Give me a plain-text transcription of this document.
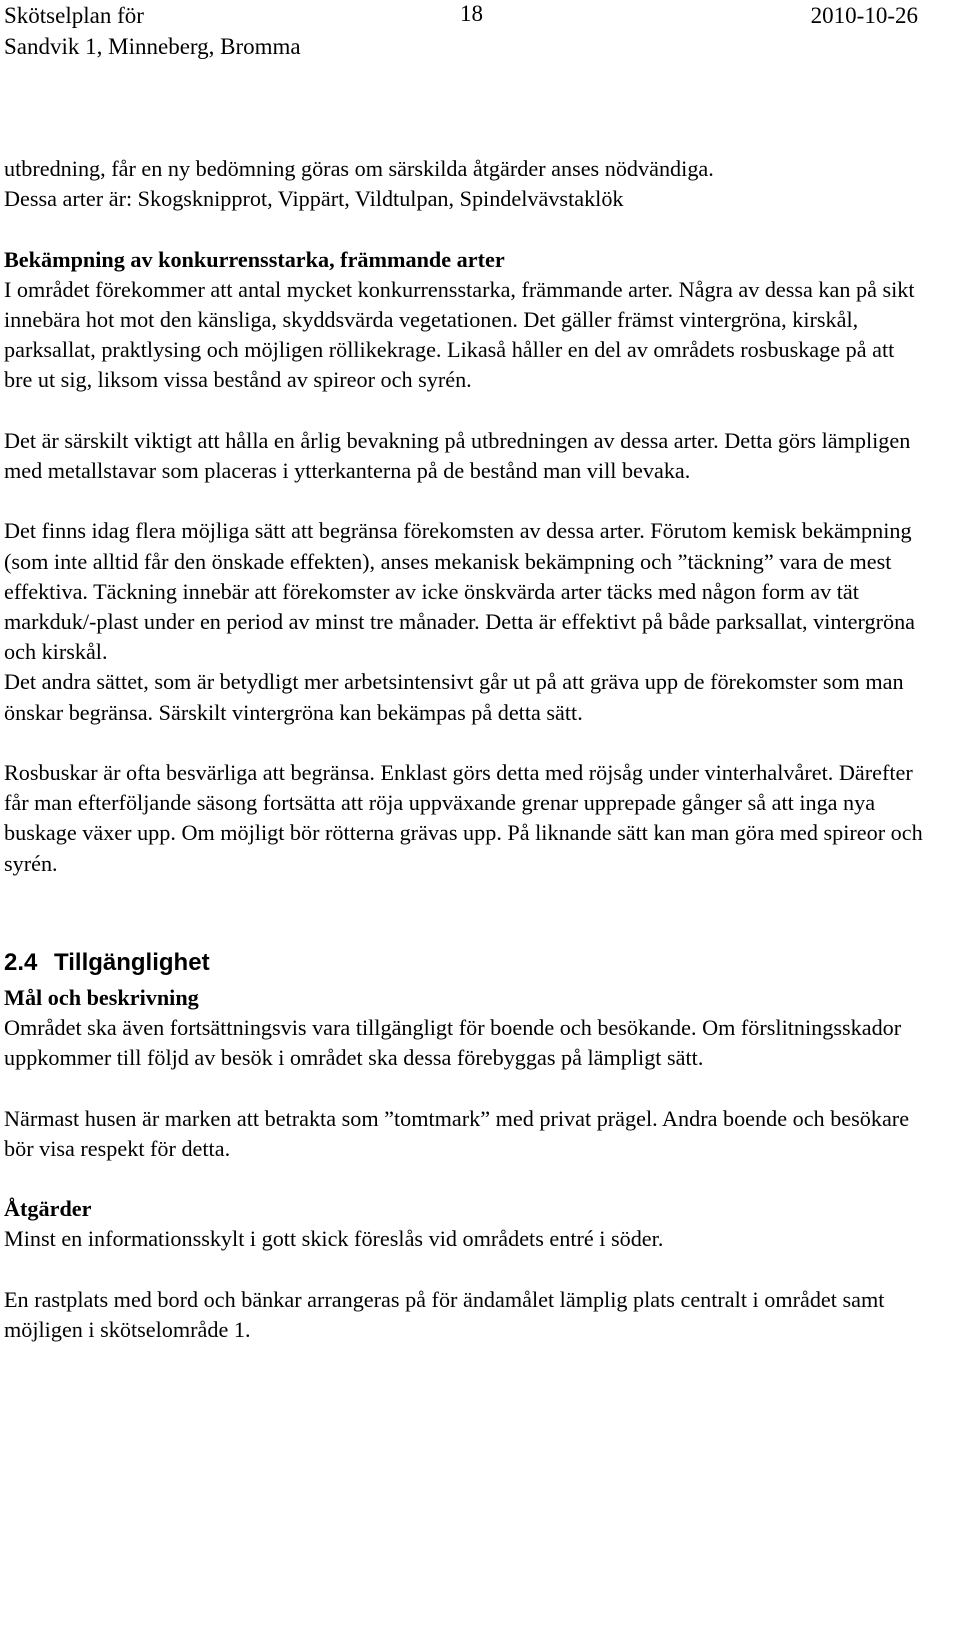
Skötselplan för
Sandvik 1, Minneberg, Bromma
18	2010-10-26

utbredning, får en ny bedömning göras om särskilda åtgärder anses nödvändiga.

Dessa arter är: Skogsknipprot, Vippärt, Vildtulpan, Spindelvävstaklök

Bekämpning av konkurrensstarka, främmande arter

I området förekommer att antal mycket konkurrensstarka, främmande arter. Några av dessa kan på sikt innebära hot mot den känsliga, skyddsvärda vegetationen. Det gäller främst vintergröna, kirskål, parksallat, praktlysing och möjligen röllikekrage. Likaså håller en del av områdets rosbuskage på att bre ut sig, liksom vissa bestånd av spireor och syrén.

Det är särskilt viktigt att hålla en årlig bevakning på utbredningen av dessa arter. Detta görs lämpligen med metallstavar som placeras i ytterkanterna på de bestånd man vill bevaka.

Det finns idag flera möjliga sätt att begränsa förekomsten av dessa arter. Förutom kemisk bekämpning (som inte alltid får den önskade effekten), anses mekanisk bekämpning och ”täckning” vara de mest effektiva. Täckning innebär att förekomster av icke önskvärda arter täcks med någon form av tät markduk/-plast under en period av minst tre månader. Detta är effektivt på både parksallat, vintergröna och kirskål.

Det andra sättet, som är betydligt mer arbetsintensivt går ut på att gräva upp de förekomster som man önskar begränsa. Särskilt vintergröna kan bekämpas på detta sätt.

Rosbuskar är ofta besvärliga att begränsa. Enklast görs detta med röjsåg under vinterhalvåret. Därefter får man efterföljande säsong fortsätta att röja uppväxande grenar upprepade gånger så att inga nya buskage växer upp. Om möjligt bör rötterna grävas upp. På liknande sätt kan man göra med spireor och syrén.

2.4 Tillgänglighet

Mål och beskrivning

Området ska även fortsättningsvis vara tillgängligt för boende och besökande. Om förslitningsskador uppkommer till följd av besök i området ska dessa förebyggas på lämpligt sätt.

Närmast husen är marken att betrakta som ”tomtmark” med privat prägel. Andra boende och besökare bör visa respekt för detta.

Åtgärder

Minst en informationsskylt i gott skick föreslås vid områdets entré i söder.

En rastplats med bord och bänkar arrangeras på för ändamålet lämplig plats centralt i området samt möjligen i skötselområde 1.
